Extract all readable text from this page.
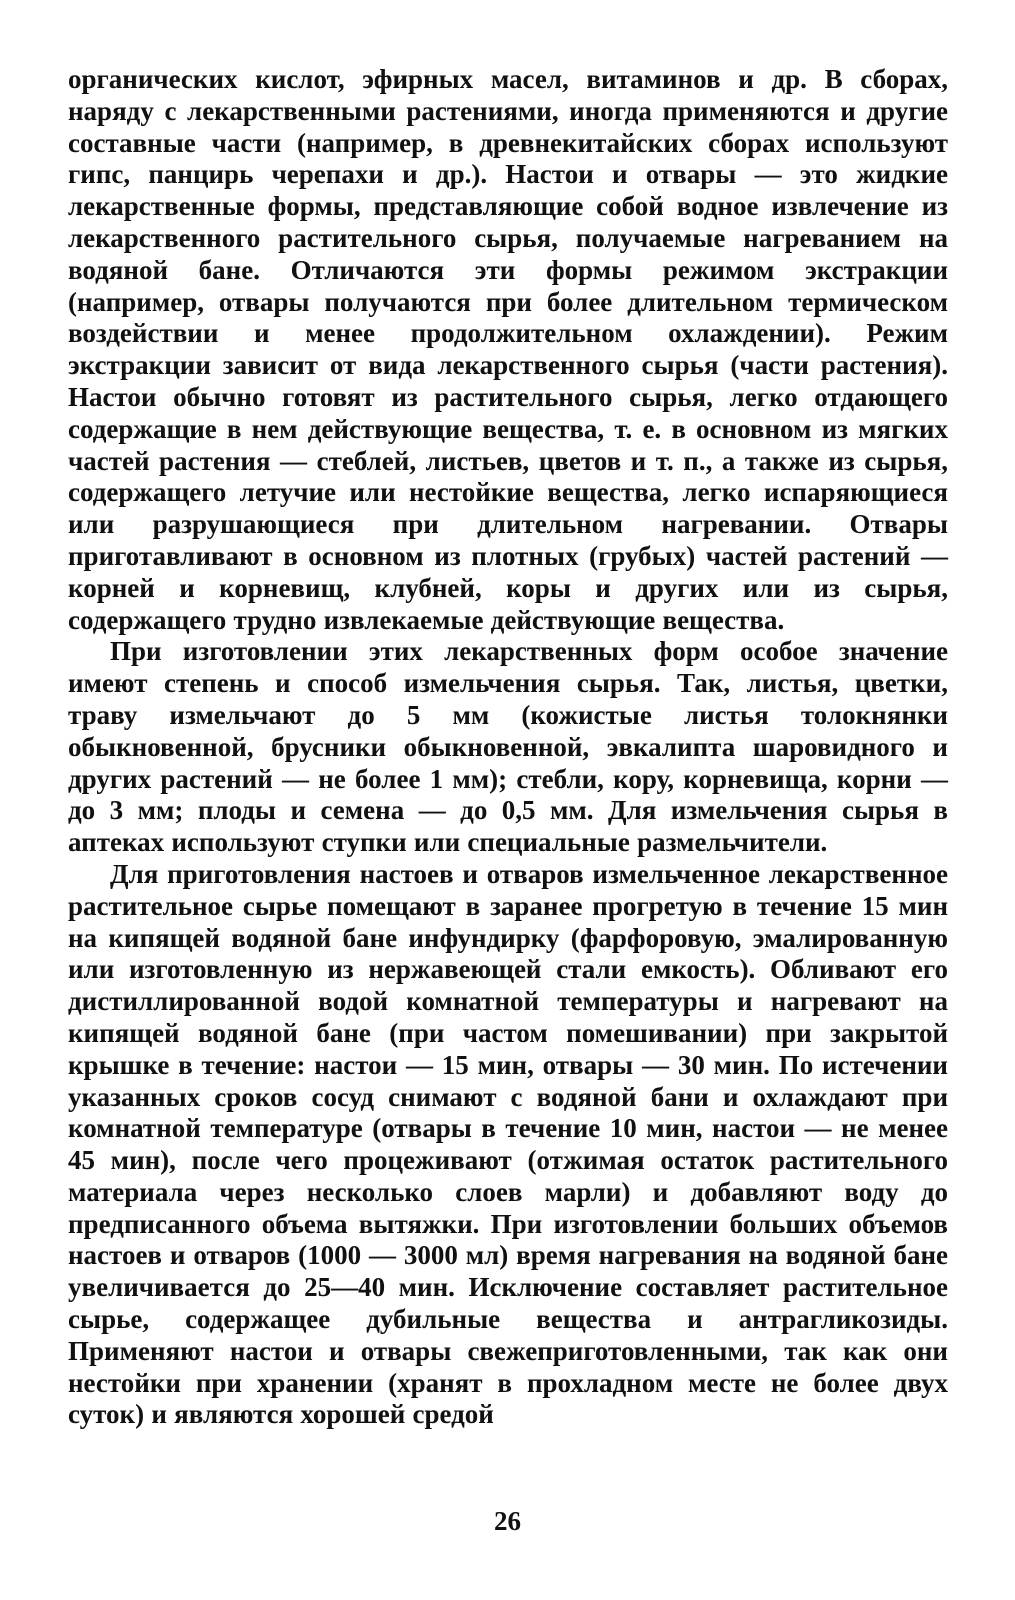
органических кислот, эфирных масел, витаминов и др. В сборах, наряду с лекарственными растениями, иногда применяются и другие составные части (например, в древнекитайских сборах используют гипс, панцирь черепахи и др.). Настои и отвары — это жидкие лекарственные формы, представляющие собой водное извлечение из лекарственного растительного сырья, получаемые нагреванием на водяной бане. Отличаются эти формы режимом экстракции (например, отвары получаются при более длительном термическом воздействии и менее продолжительном охлаждении). Режим экстракции зависит от вида лекарственного сырья (части растения). Настои обычно готовят из растительного сырья, легко отдающего содержащие в нем действующие вещества, т. е. в основном из мягких частей растения — стеблей, листьев, цветов и т. п., а также из сырья, содержащего летучие или нестойкие вещества, легко испаряющиеся или разрушающиеся при длительном нагревании. Отвары приготавливают в основном из плотных (грубых) частей растений — корней и корневищ, клубней, коры и других или из сырья, содержащего трудно извлекаемые действующие вещества.

При изготовлении этих лекарственных форм особое значение имеют степень и способ измельчения сырья. Так, листья, цветки, траву измельчают до 5 мм (кожистые листья толокнянки обыкновенной, брусники обыкновенной, эвкалипта шаровидного и других растений — не более 1 мм); стебли, кору, корневища, корни — до 3 мм; плоды и семена — до 0,5 мм. Для измельчения сырья в аптеках используют ступки или специальные размельчители.

Для приготовления настоев и отваров измельченное лекарственное растительное сырье помещают в заранее прогретую в течение 15 мин на кипящей водяной бане инфундирку (фарфоровую, эмалированную или изготовленную из нержавеющей стали емкость). Обливают его дистиллированной водой комнатной температуры и нагревают на кипящей водяной бане (при частом помешивании) при закрытой крышке в течение: настои — 15 мин, отвары — 30 мин. По истечении указанных сроков сосуд снимают с водяной бани и охлаждают при комнатной температуре (отвары в течение 10 мин, настои — не менее 45 мин), после чего процеживают (отжимая остаток растительного материала через несколько слоев марли) и добавляют воду до предписанного объема вытяжки. При изготовлении больших объемов настоев и отваров (1000 — 3000 мл) время нагревания на водяной бане увеличивается до 25—40 мин. Исключение составляет растительное сырье, содержащее дубильные вещества и антрагликозиды. Применяют настои и отвары свежеприготовленными, так как они нестойки при хранении (хранят в прохладном месте не более двух суток) и являются хорошей средой

26
